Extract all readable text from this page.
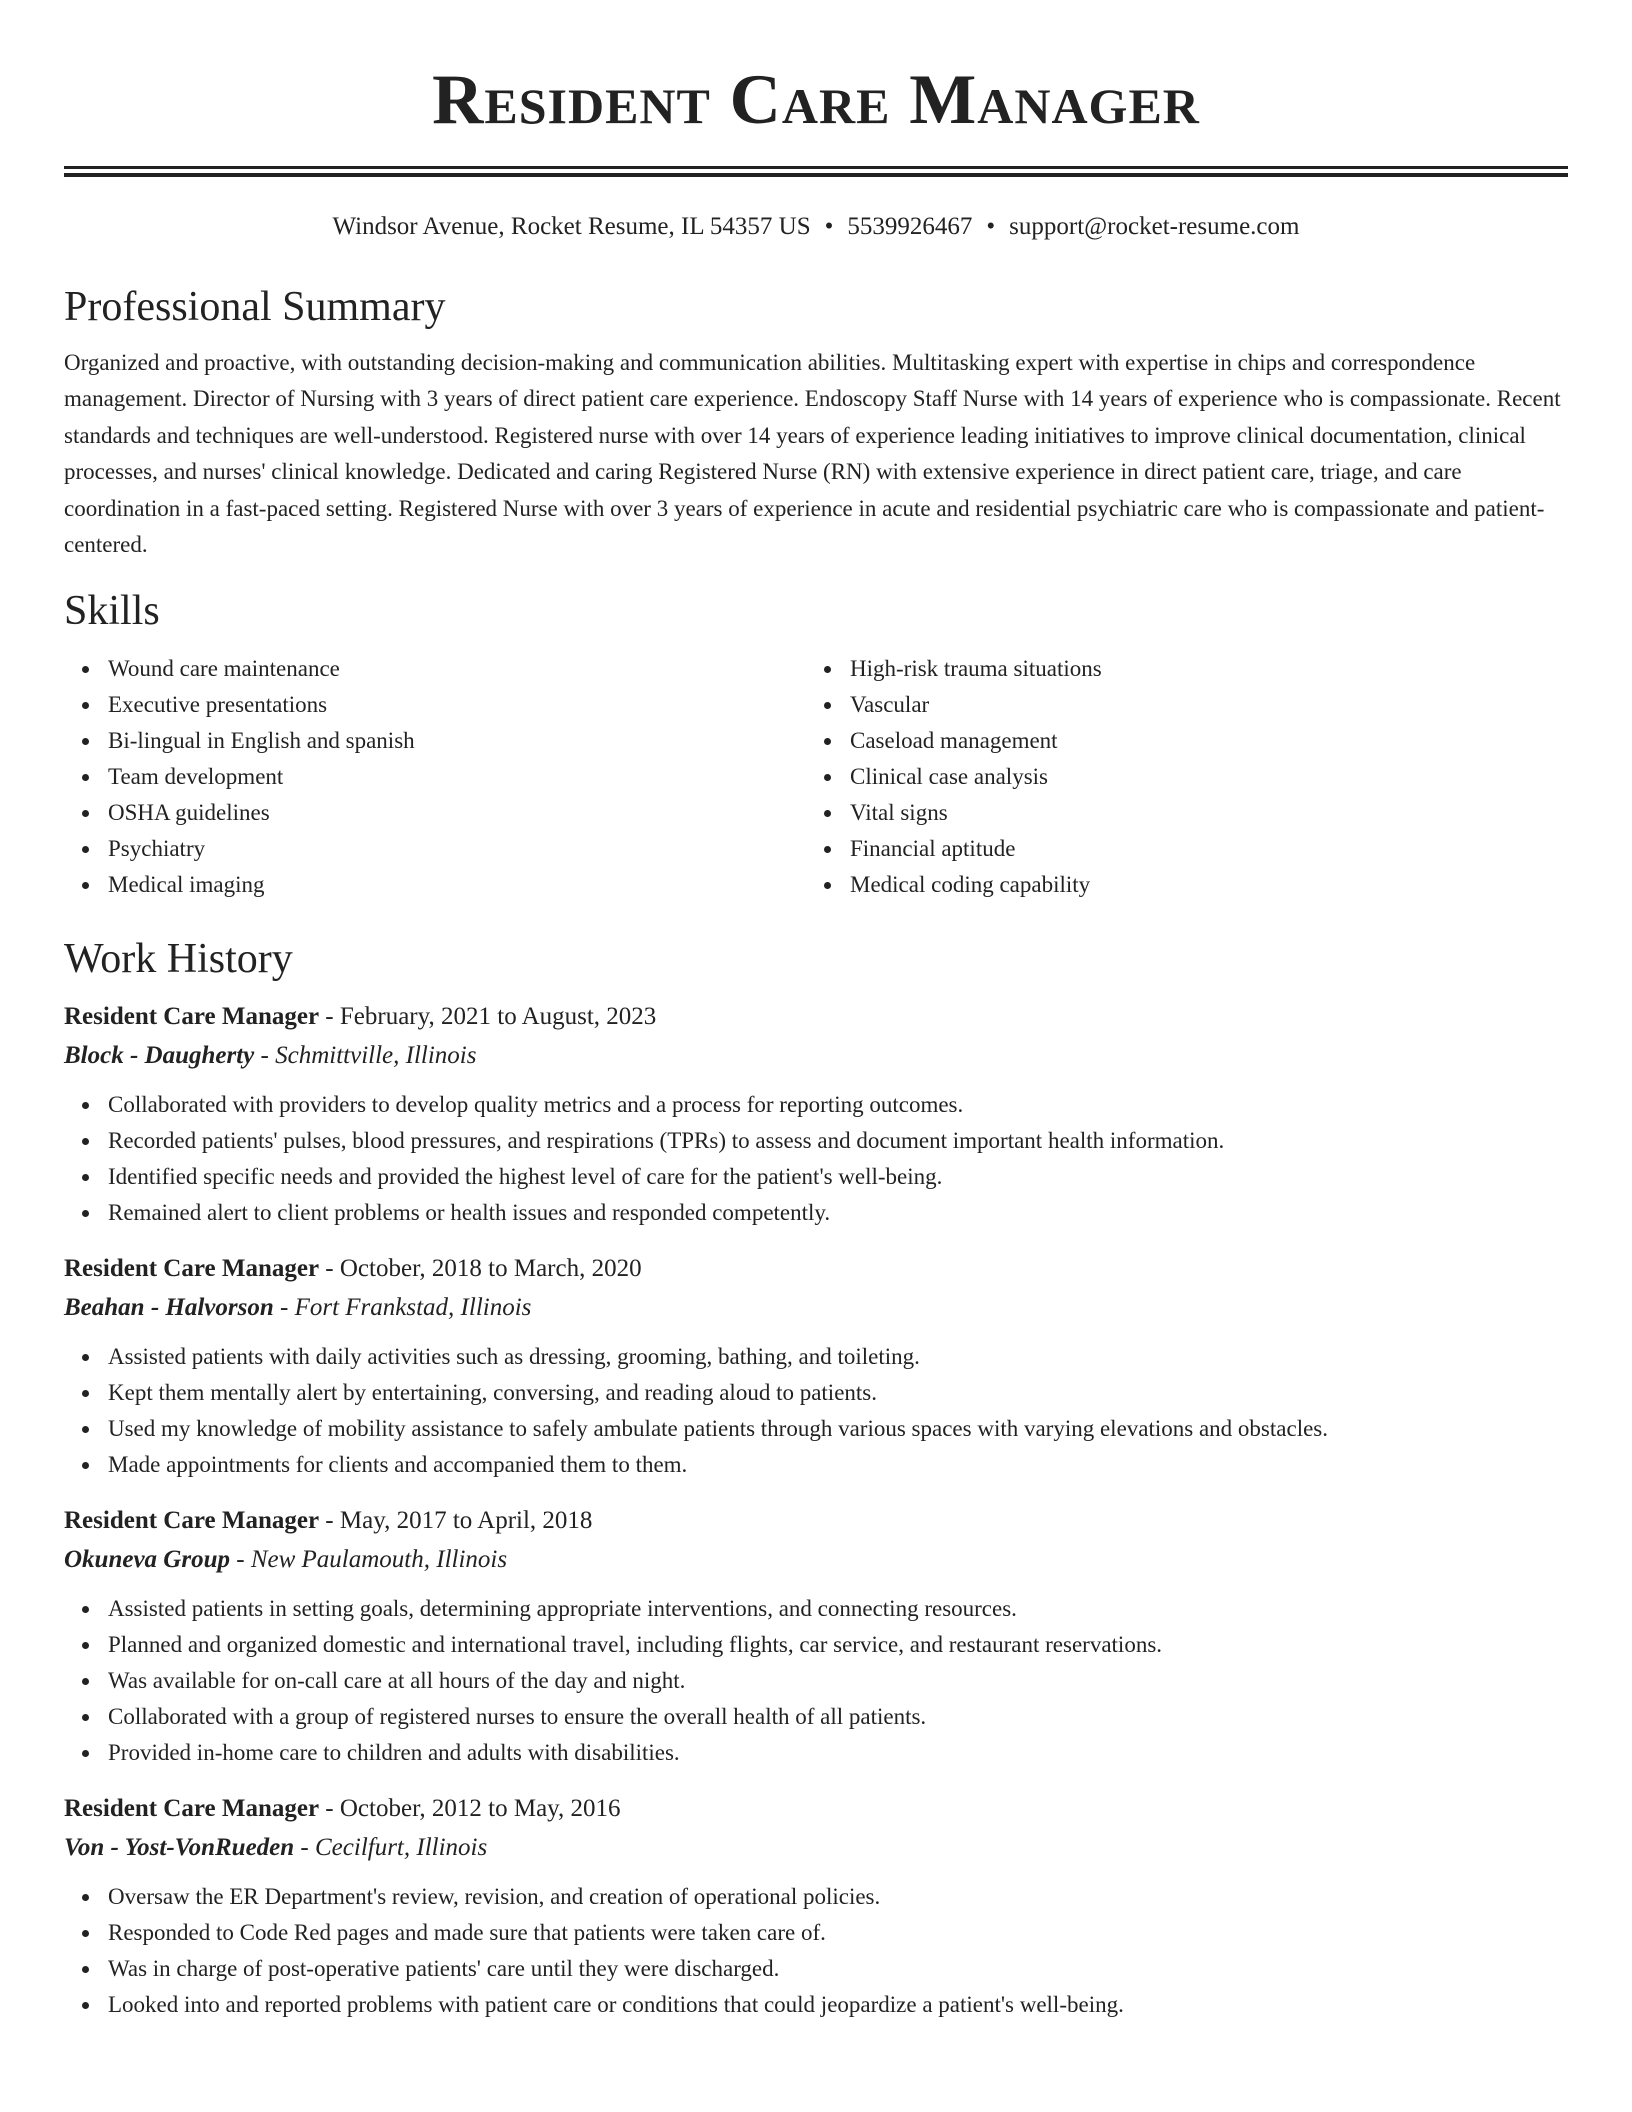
Resident Care Manager
Windsor Avenue, Rocket Resume, IL 54357 US • 5539926467 • support@rocket-resume.com
Professional Summary
Organized and proactive, with outstanding decision-making and communication abilities. Multitasking expert with expertise in chips and correspondence management. Director of Nursing with 3 years of direct patient care experience. Endoscopy Staff Nurse with 14 years of experience who is compassionate. Recent standards and techniques are well-understood. Registered nurse with over 14 years of experience leading initiatives to improve clinical documentation, clinical processes, and nurses' clinical knowledge. Dedicated and caring Registered Nurse (RN) with extensive experience in direct patient care, triage, and care coordination in a fast-paced setting. Registered Nurse with over 3 years of experience in acute and residential psychiatric care who is compassionate and patient-centered.
Skills
Wound care maintenance
Executive presentations
Bi-lingual in English and spanish
Team development
OSHA guidelines
Psychiatry
Medical imaging
High-risk trauma situations
Vascular
Caseload management
Clinical case analysis
Vital signs
Financial aptitude
Medical coding capability
Work History
Resident Care Manager - February, 2021 to August, 2023
Block - Daugherty - Schmittville, Illinois
Collaborated with providers to develop quality metrics and a process for reporting outcomes.
Recorded patients' pulses, blood pressures, and respirations (TPRs) to assess and document important health information.
Identified specific needs and provided the highest level of care for the patient's well-being.
Remained alert to client problems or health issues and responded competently.
Resident Care Manager - October, 2018 to March, 2020
Beahan - Halvorson - Fort Frankstad, Illinois
Assisted patients with daily activities such as dressing, grooming, bathing, and toileting.
Kept them mentally alert by entertaining, conversing, and reading aloud to patients.
Used my knowledge of mobility assistance to safely ambulate patients through various spaces with varying elevations and obstacles.
Made appointments for clients and accompanied them to them.
Resident Care Manager - May, 2017 to April, 2018
Okuneva Group - New Paulamouth, Illinois
Assisted patients in setting goals, determining appropriate interventions, and connecting resources.
Planned and organized domestic and international travel, including flights, car service, and restaurant reservations.
Was available for on-call care at all hours of the day and night.
Collaborated with a group of registered nurses to ensure the overall health of all patients.
Provided in-home care to children and adults with disabilities.
Resident Care Manager - October, 2012 to May, 2016
Von - Yost-VonRueden - Cecilfurt, Illinois
Oversaw the ER Department's review, revision, and creation of operational policies.
Responded to Code Red pages and made sure that patients were taken care of.
Was in charge of post-operative patients' care until they were discharged.
Looked into and reported problems with patient care or conditions that could jeopardize a patient's well-being.
